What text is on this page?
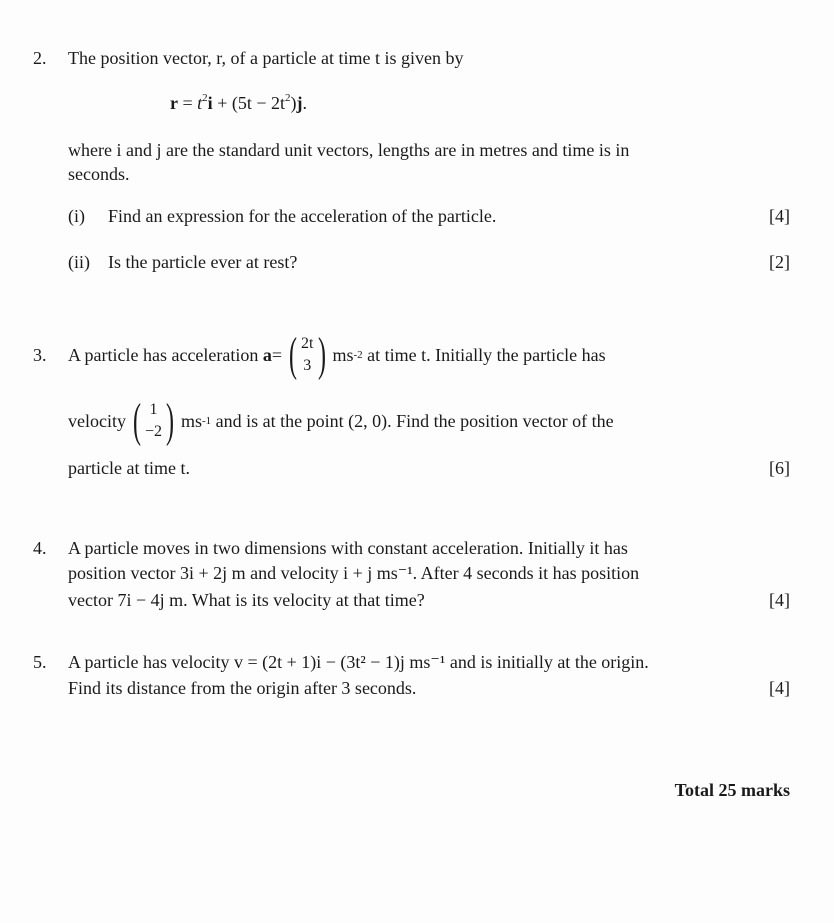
2. The position vector, r, of a particle at time t is given by
$r = t^2i + (5t - 2t^2)j$.
where i and j are the standard unit vectors, lengths are in metres and time is in
seconds.
(i) Find an expression for the acceleration of the particle.	[4]
(ii) Is the particle ever at rest?	[2]
3. A particle has acceleration
a = ( 2t
3 ) ms -2 at time t. Initially the particle has
velocity ( 1
−2 ) ms -1 and is at the point (2, 0). Find the position vector of the
particle at time t.	[6]
4. A particle moves in two dimensions with constant acceleration. Initially it has
position vector 3i + 2j m and velocity i + j ms⁻¹. After 4 seconds it has position
vector 7i − 4j m. What is its velocity at that time?	[4]
5. A particle has velocity v = (2t + 1)i − (3t² − 1)j ms⁻¹ and is initially at the origin.
Find its distance from the origin after 3 seconds.	[4]
Total 25 marks
